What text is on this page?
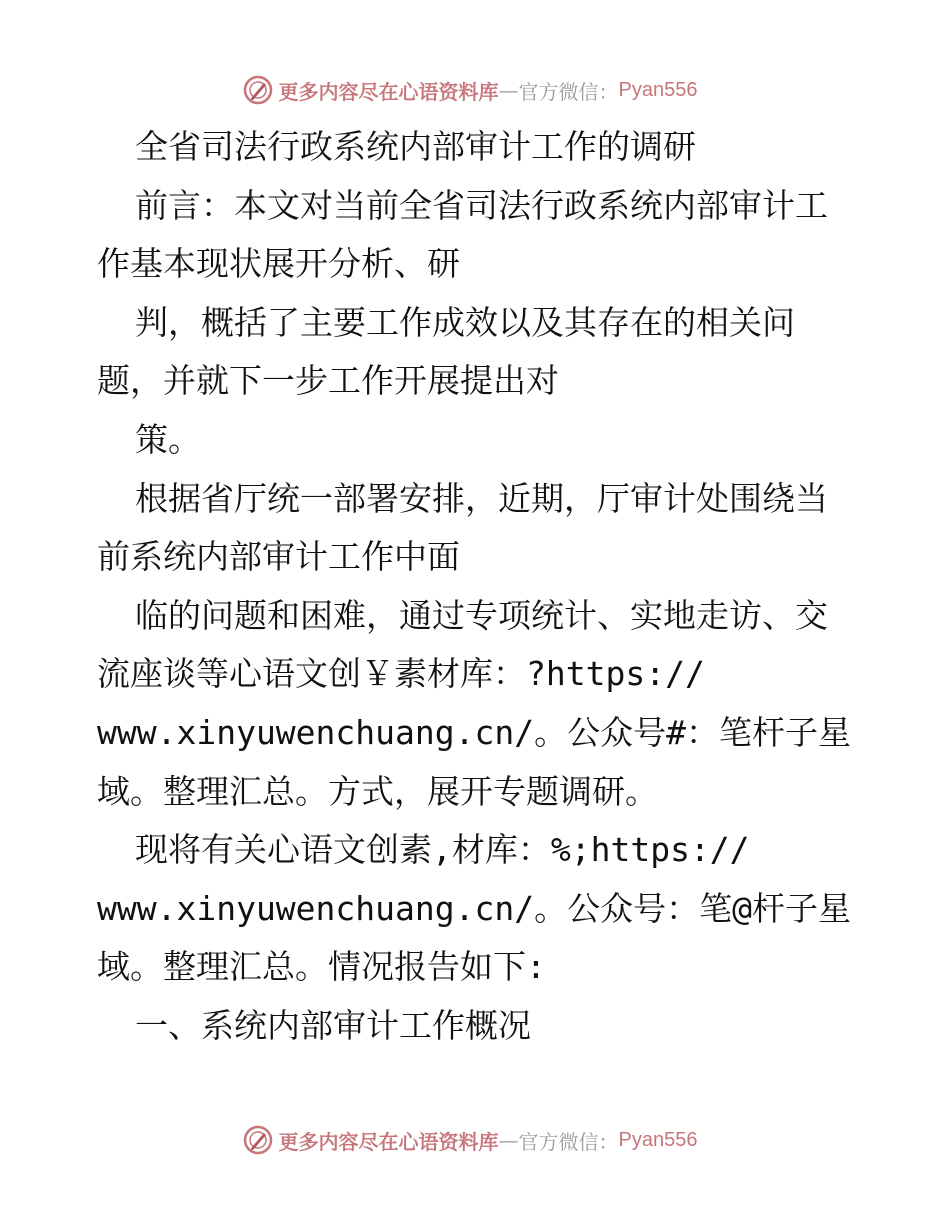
更多内容尽在心语资料库 — 官方微信： Pyan556
全省司法行政系统内部审计工作的调研
前言：本文对当前全省司法行政系统内部审计工
作基本现状展开分析、研
判，概括了主要工作成效以及其存在的相关问
题，并就下一步工作开展提出对
策。
根据省厅统一部署安排，近期，厅审计处围绕当
前系统内部审计工作中面
临的问题和困难，通过专项统计、实地走访、交
流座谈等心语文创￥素材库：?https://
www.xinyuwenchuang.cn/。公众号#：笔杆子星
域。整理汇总。方式，展开专题调研。
现将有关心语文创素,材库：%;https://
www.xinyuwenchuang.cn/。公众号：笔@杆子星
域。整理汇总。情况报告如下:
一、系统内部审计工作概况
更多内容尽在心语资料库 — 官方微信： Pyan556
